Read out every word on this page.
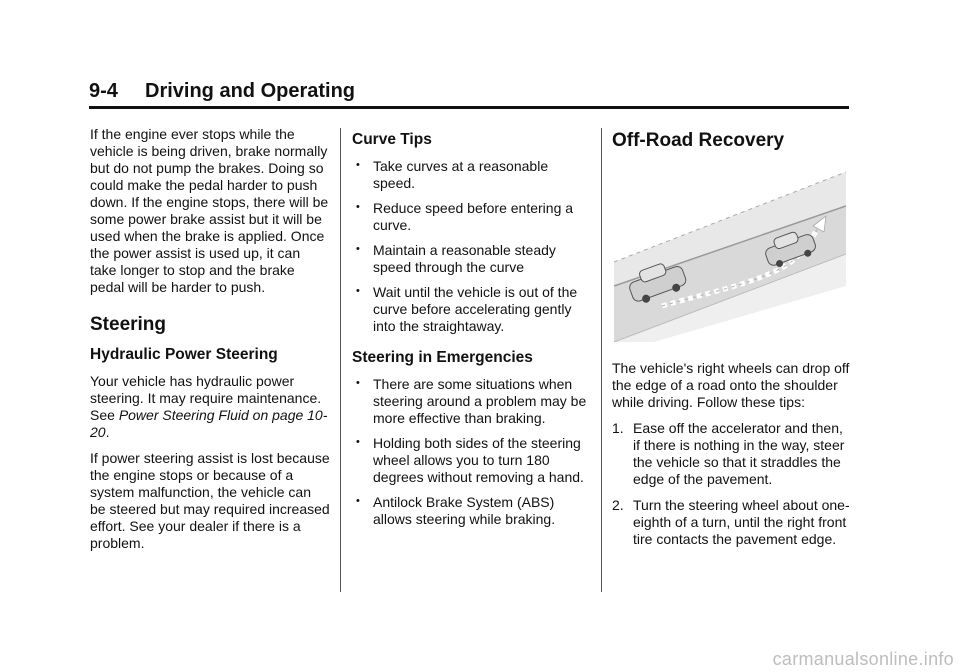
9-4 Driving and Operating

If the engine ever stops while the vehicle is being driven, brake normally but do not pump the brakes. Doing so could make the pedal harder to push down. If the engine stops, there will be some power brake assist but it will be used when the brake is applied. Once the power assist is used up, it can take longer to stop and the brake pedal will be harder to push.

Steering
Hydraulic Power Steering

Your vehicle has hydraulic power steering. It may require maintenance. See Power Steering Fluid on page 10-20.

If power steering assist is lost because the engine stops or because of a system malfunction, the vehicle can be steered but may required increased effort. See your dealer if there is a problem.

Curve Tips
• Take curves at a reasonable speed.
• Reduce speed before entering a curve.
• Maintain a reasonable steady speed through the curve
• Wait until the vehicle is out of the curve before accelerating gently into the straightaway.
Steering in Emergencies
• There are some situations when steering around a problem may be more effective than braking.
• Holding both sides of the steering wheel allows you to turn 180 degrees without removing a hand.
• Antilock Brake System (ABS) allows steering while braking.
Off-Road Recovery

The vehicle's right wheels can drop off the edge of a road onto the shoulder while driving. Follow these tips:

1. Ease off the accelerator and then, if there is nothing in the way, steer the vehicle so that it straddles the edge of the pavement.
2. Turn the steering wheel about one-eighth of a turn, until the right front tire contacts the pavement edge.
carmanualsonline.info
